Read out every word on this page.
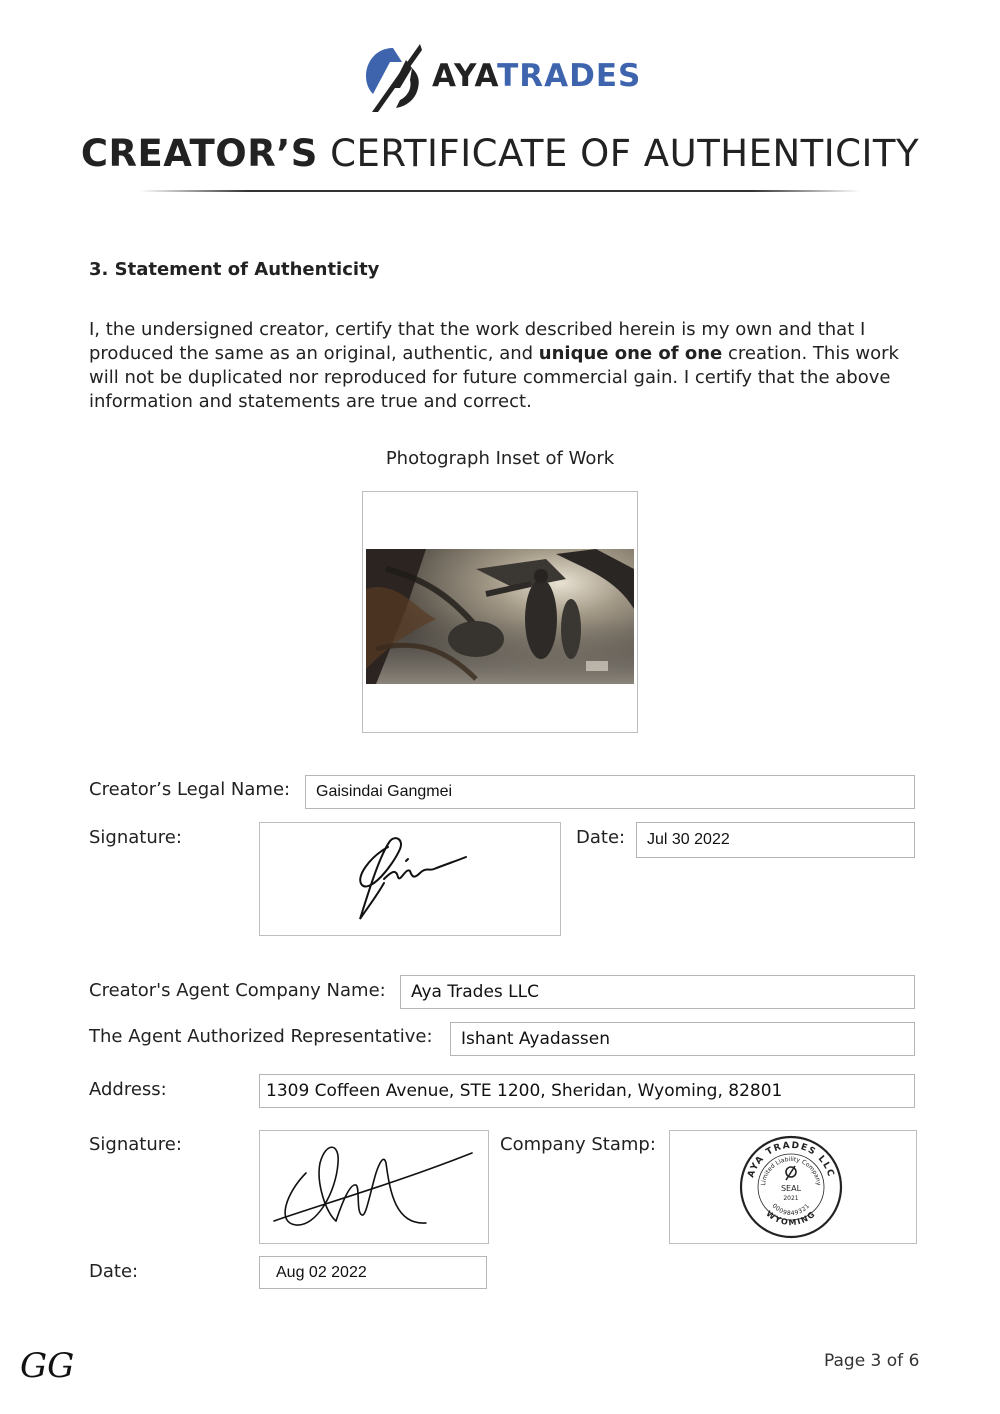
AYATRADES
CREATOR’S CERTIFICATE OF AUTHENTICITY
3. Statement of Authenticity
I, the undersigned creator, certify that the work described herein is my own and that I produced the same as an original, authentic, and unique one of one creation. This work will not be duplicated nor reproduced for future commercial gain. I certify that the above information and statements are true and correct.
Photograph Inset of Work
Creator’s Legal Name:	Gaisindai Gangmei
Signature:	Date:	Jul 30 2022
Creator's Agent Company Name:	Aya Trades LLC
The Agent Authorized Representative:	Ishant Ayadassen
Address:	1309 Coffeen Avenue, STE 1200, Sheridan, Wyoming, 82801
Signature:	Company Stamp:
AYA TRADES LLC
Limited Liability Company
WYOMING
0009849321
SEAL
2021
Date:	Aug 02 2022
GG	Page 3 of 6
